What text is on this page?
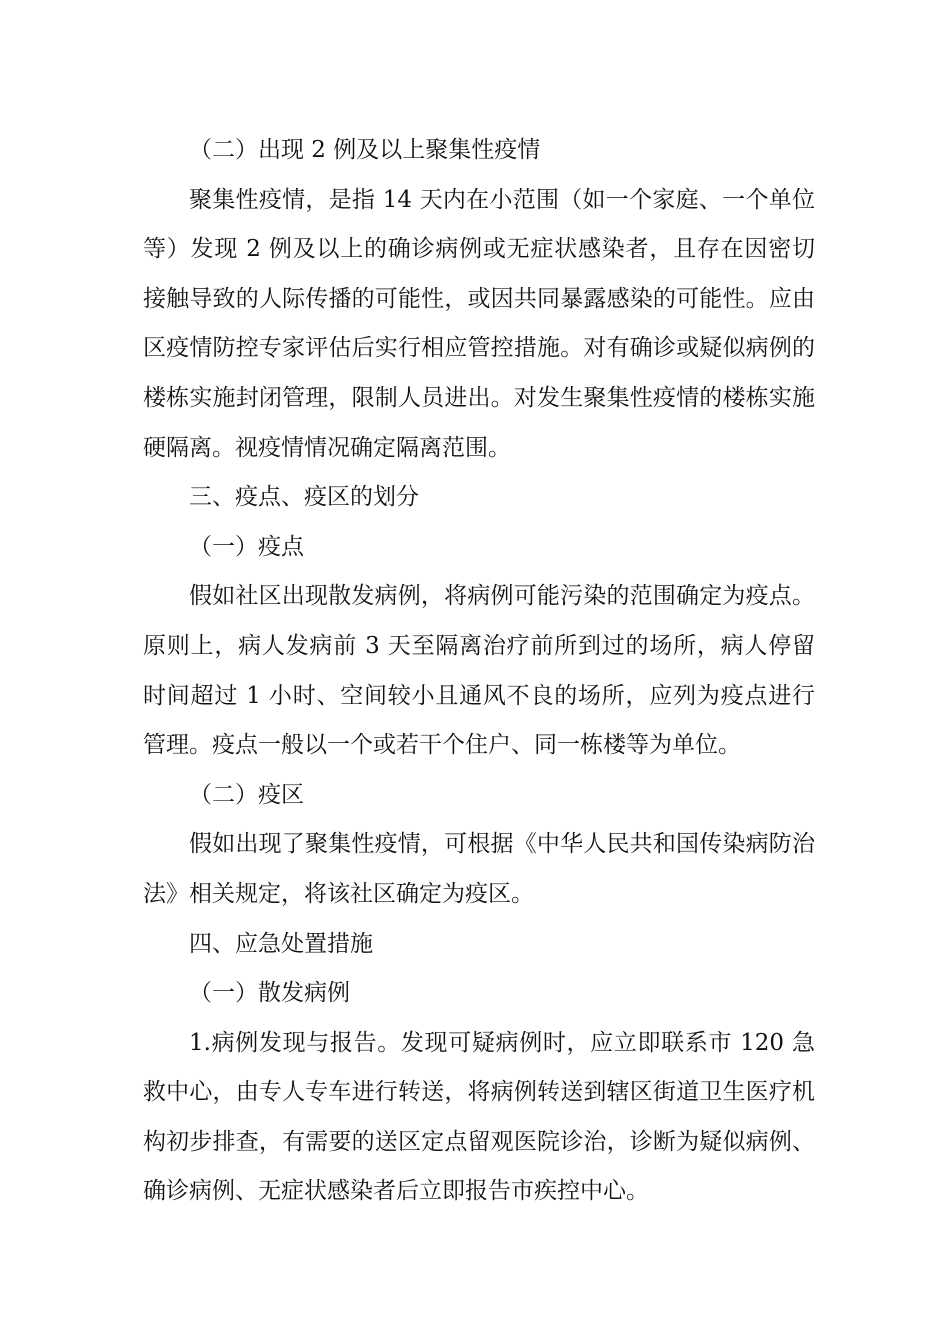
（二）出现 2 例及以上聚集性疫情

聚集性疫情，是指 14 天内在小范围（如一个家庭、一个单位等）发现 2 例及以上的确诊病例或无症状感染者，且存在因密切接触导致的人际传播的可能性，或因共同暴露感染的可能性。应由区疫情防控专家评估后实行相应管控措施。对有确诊或疑似病例的楼栋实施封闭管理，限制人员进出。对发生聚集性疫情的楼栋实施硬隔离。视疫情情况确定隔离范围。

三、疫点、疫区的划分

（一）疫点

假如社区出现散发病例，将病例可能污染的范围确定为疫点。原则上，病人发病前 3 天至隔离治疗前所到过的场所，病人停留时间超过 1 小时、空间较小且通风不良的场所，应列为疫点进行管理。疫点一般以一个或若干个住户、同一栋楼等为单位。

（二）疫区

假如出现了聚集性疫情，可根据《中华人民共和国传染病防治法》相关规定，将该社区确定为疫区。

四、应急处置措施

（一）散发病例

1.病例发现与报告。发现可疑病例时，应立即联系市 120 急救中心，由专人专车进行转送，将病例转送到辖区街道卫生医疗机构初步排查，有需要的送区定点留观医院诊治，诊断为疑似病例、确诊病例、无症状感染者后立即报告市疾控中心。
